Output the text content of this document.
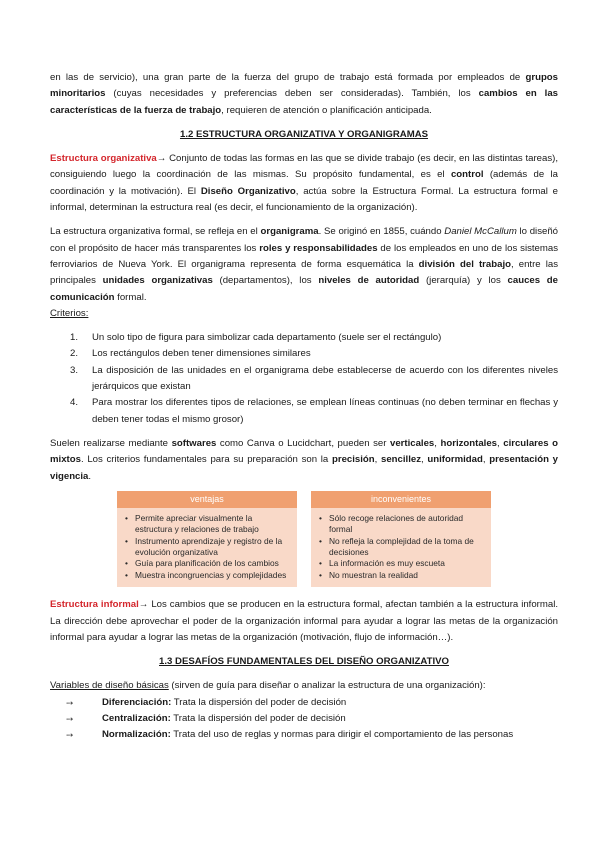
en las de servicio), una gran parte de la fuerza del grupo de trabajo está formada por empleados de grupos minoritarios (cuyas necesidades y preferencias deben ser consideradas). También, los cambios en las características de la fuerza de trabajo, requieren de atención o planificación anticipada.

1.2 ESTRUCTURA ORGANIZATIVA Y ORGANIGRAMAS

Estructura organizativa→ Conjunto de todas las formas en las que se divide trabajo (es decir, en las distintas tareas), consiguiendo luego la coordinación de las mismas. Su propósito fundamental, es el control (además de la coordinación y la motivación). El Diseño Organizativo, actúa sobre la Estructura Formal. La estructura formal e informal, determinan la estructura real (es decir, el funcionamiento de la organización).

La estructura organizativa formal, se refleja en el organigrama. Se originó en 1855, cuándo Daniel McCallum lo diseñó con el propósito de hacer más transparentes los roles y responsabilidades de los empleados en uno de los sistemas ferroviarios de Nueva York. El organigrama representa de forma esquemática la división del trabajo, entre las principales unidades organizativas (departamentos), los niveles de autoridad (jerarquía) y los cauces de comunicación formal.

Criterios:

1.	Un solo tipo de figura para simbolizar cada departamento (suele ser el rectángulo)
2.	Los rectángulos deben tener dimensiones similares
3.	La disposición de las unidades en el organigrama debe establecerse de acuerdo con los diferentes niveles jerárquicos que existan
4.	Para mostrar los diferentes tipos de relaciones, se emplean líneas continuas (no deben terminar en flechas y deben tener todas el mismo grosor)

Suelen realizarse mediante softwares como Canva o Lucidchart, pueden ser verticales, horizontales, circulares o mixtos. Los criterios fundamentales para su preparación son la precisión, sencillez, uniformidad, presentación y vigencia.

ventajas
• Permite apreciar visualmente la estructura y relaciones de trabajo
• Instrumento aprendizaje y registro de la evolución organizativa
• Guía para planificación de los cambios
• Muestra incongruencias y complejidades
inconvenientes
• Sólo recoge relaciones de autoridad formal
• No refleja la complejidad de la toma de decisiones
• La información es muy escueta
• No muestran la realidad

Estructura informal→ Los cambios que se producen en la estructura formal, afectan también a la estructura informal. La dirección debe aprovechar el poder de la organización informal para ayudar a lograr las metas de la organización informal para ayudar a lograr las metas de la organización (motivación, flujo de información…).

1.3 DESAFÍOS FUNDAMENTALES DEL DISEÑO ORGANIZATIVO

Variables de diseño básicas (sirven de guía para diseñar o analizar la estructura de una organización):

➙	Diferenciación: Trata la dispersión del poder de decisión
➙	Centralización: Trata la dispersión del poder de decisión
➙	Normalización: Trata del uso de reglas y normas para dirigir el comportamiento de las personas
